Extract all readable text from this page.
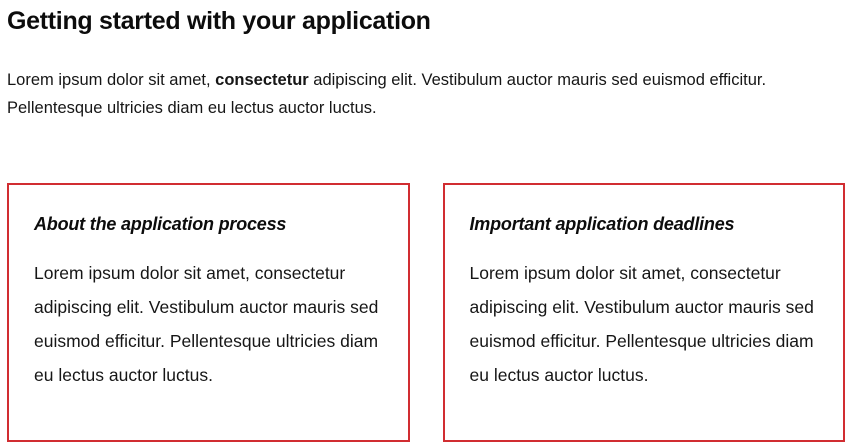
Getting started with your application

Lorem ipsum dolor sit amet, consectetur adipiscing elit. Vestibulum auctor mauris sed euismod efficitur. Pellentesque ultricies diam eu lectus auctor luctus.

About the application process

Lorem ipsum dolor sit amet, consectetur adipiscing elit. Vestibulum auctor mauris sed euismod efficitur. Pellentesque ultricies diam eu lectus auctor luctus.

Important application deadlines

Lorem ipsum dolor sit amet, consectetur adipiscing elit. Vestibulum auctor mauris sed euismod efficitur. Pellentesque ultricies diam eu lectus auctor luctus.
